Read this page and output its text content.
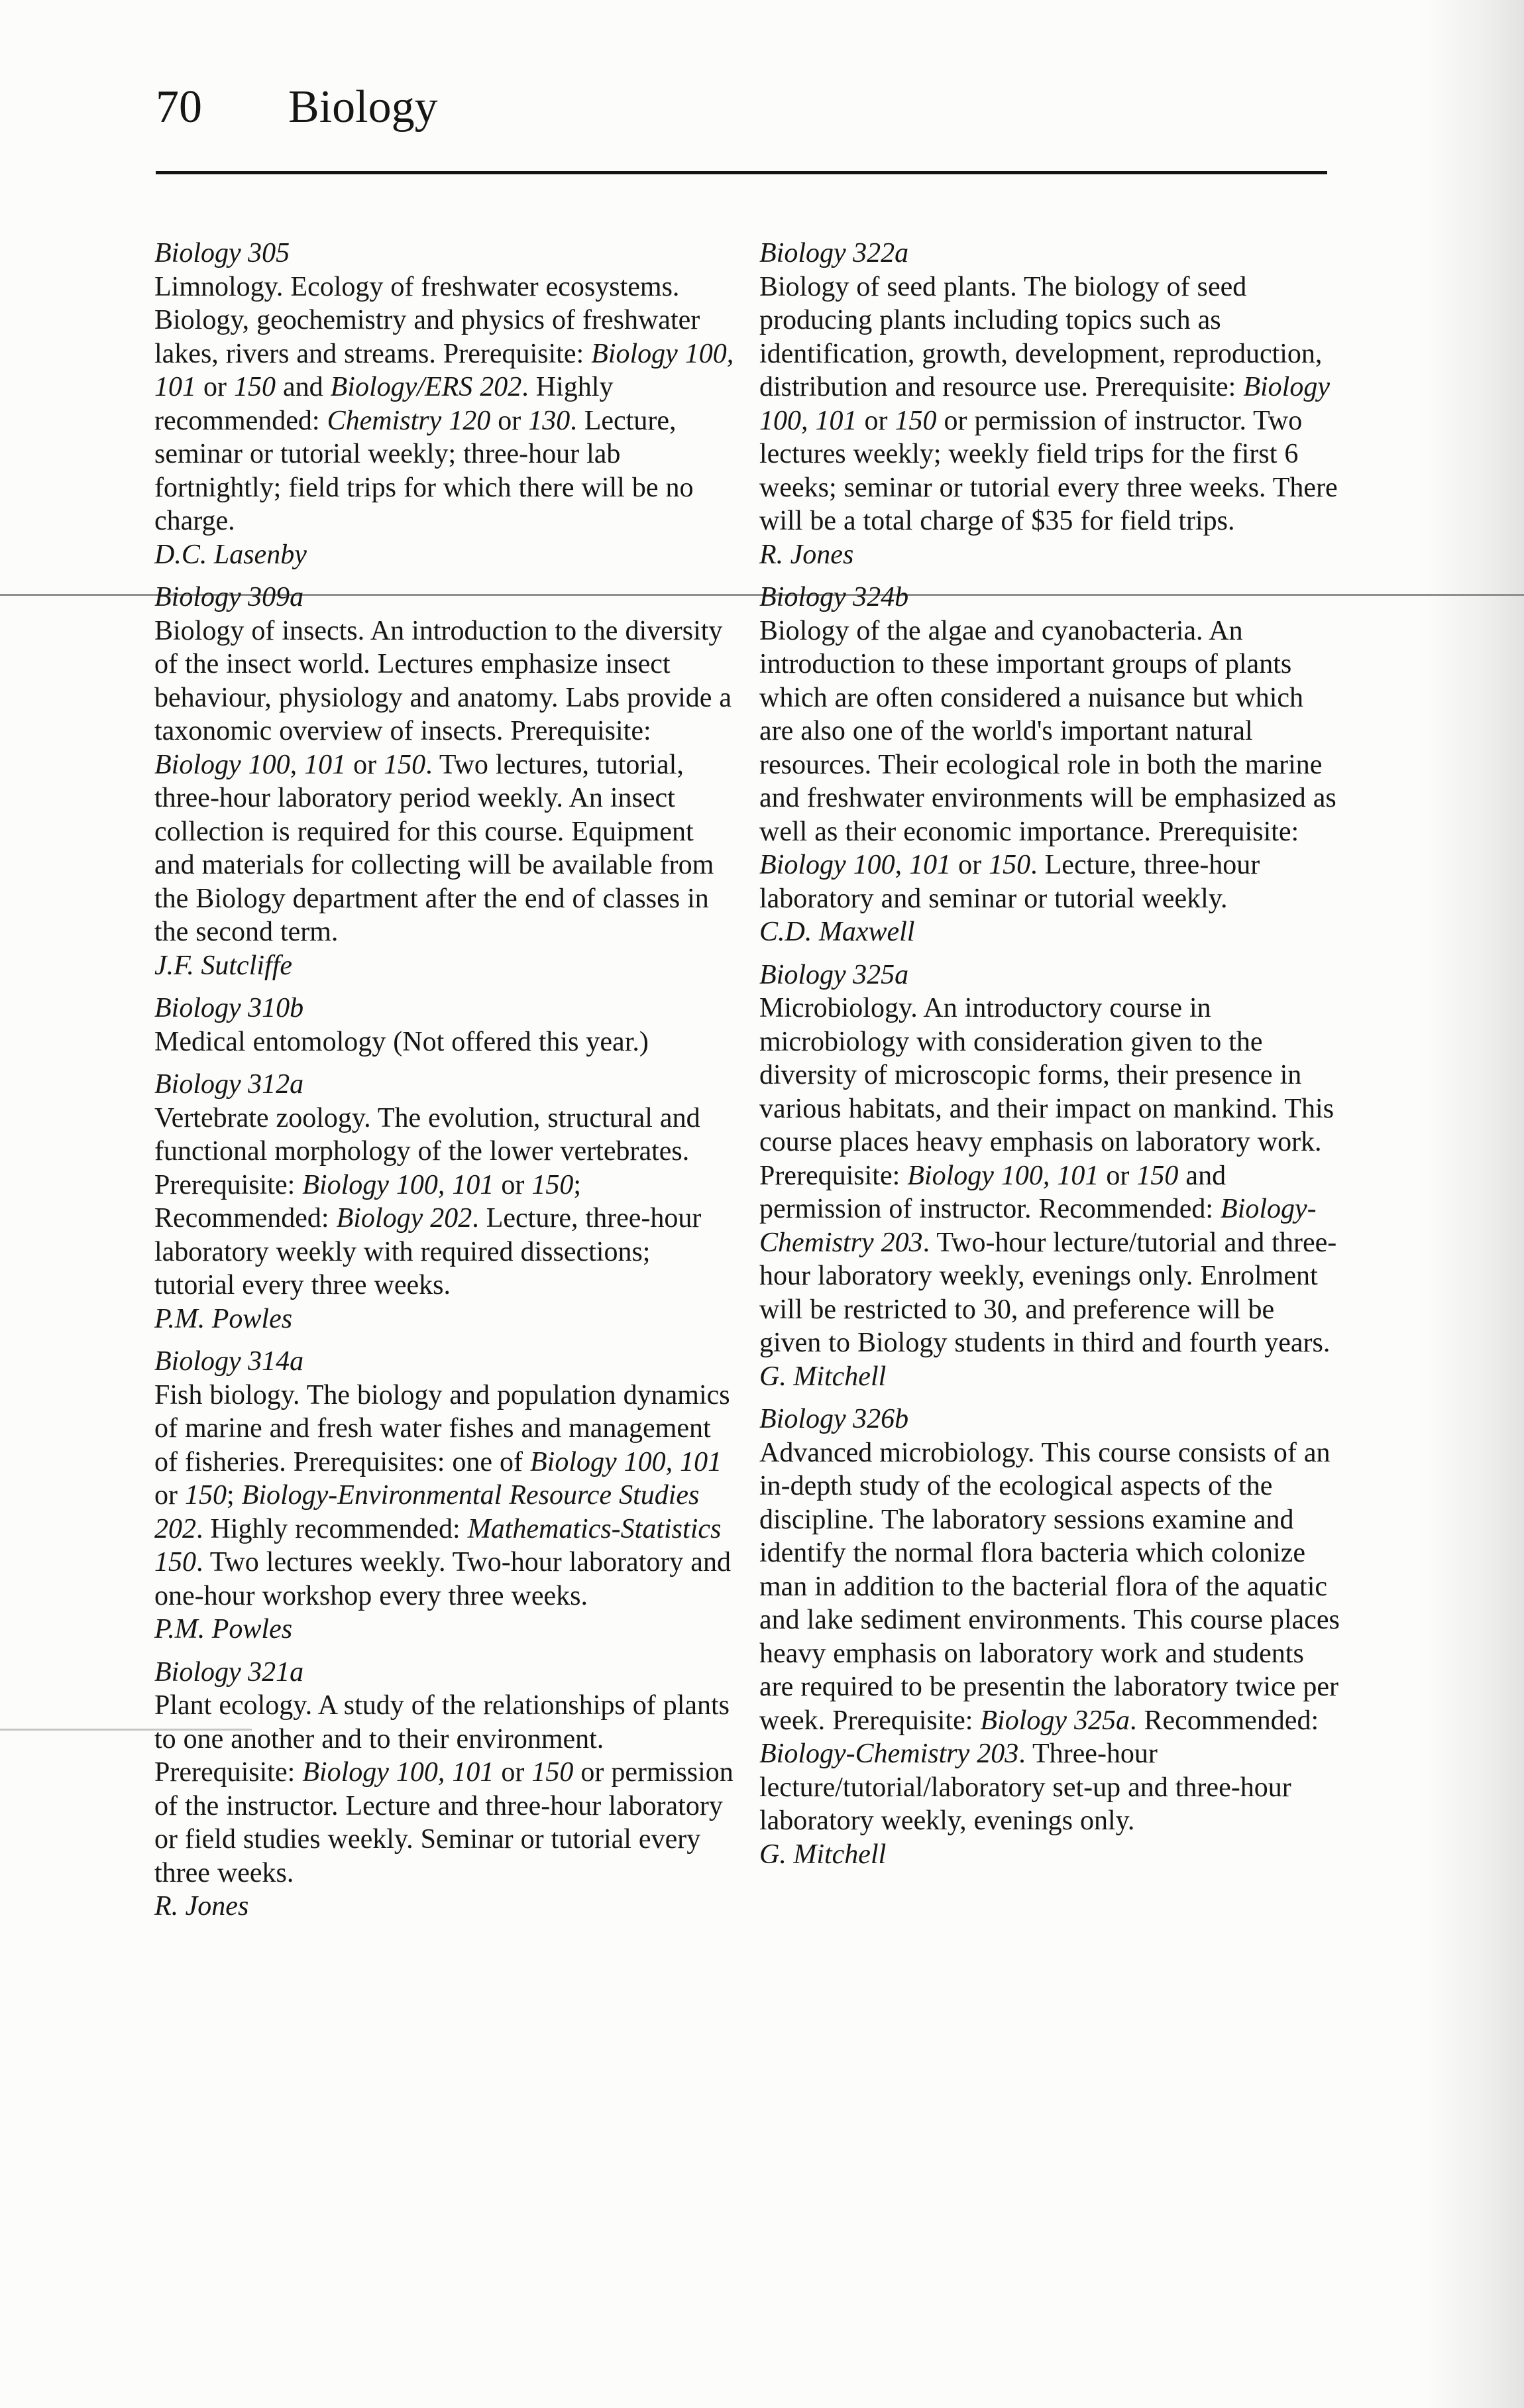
70 Biology
Biology 305
Limnology. Ecology of freshwater ecosystems. Biology, geochemistry and physics of freshwater lakes, rivers and streams. Prerequisite: Biology 100, 101 or 150 and Biology/ERS 202. Highly recommended: Chemistry 120 or 130. Lecture, seminar or tutorial weekly; three-hour lab fortnightly; field trips for which there will be no charge.
D.C. Lasenby
Biology 309a
Biology of insects. An introduction to the diversity of the insect world. Lectures emphasize insect behaviour, physiology and anatomy. Labs provide a taxonomic overview of insects. Prerequisite: Biology 100, 101 or 150. Two lectures, tutorial, three-hour laboratory period weekly. An insect collection is required for this course. Equipment and materials for collecting will be available from the Biology department after the end of classes in the second term.
J.F. Sutcliffe
Biology 310b
Medical entomology (Not offered this year.)
Biology 312a
Vertebrate zoology. The evolution, structural and functional morphology of the lower vertebrates. Prerequisite: Biology 100, 101 or 150; Recommended: Biology 202. Lecture, three-hour laboratory weekly with required dissections; tutorial every three weeks.
P.M. Powles
Biology 314a
Fish biology. The biology and population dynamics of marine and fresh water fishes and management of fisheries. Prerequisites: one of Biology 100, 101 or 150; Biology-Environmental Resource Studies 202. Highly recommended: Mathematics-Statistics 150. Two lectures weekly. Two-hour laboratory and one-hour workshop every three weeks.
P.M. Powles
Biology 321a
Plant ecology. A study of the relationships of plants to one another and to their environment. Prerequisite: Biology 100, 101 or 150 or permission of the instructor. Lecture and three-hour laboratory or field studies weekly. Seminar or tutorial every three weeks.
R. Jones
Biology 322a
Biology of seed plants. The biology of seed producing plants including topics such as identification, growth, development, reproduction, distribution and resource use. Prerequisite: Biology 100, 101 or 150 or permission of instructor. Two lectures weekly; weekly field trips for the first 6 weeks; seminar or tutorial every three weeks. There will be a total charge of $35 for field trips.
R. Jones
Biology 324b
Biology of the algae and cyanobacteria. An introduction to these important groups of plants which are often considered a nuisance but which are also one of the world's important natural resources. Their ecological role in both the marine and freshwater environments will be emphasized as well as their economic importance. Prerequisite: Biology 100, 101 or 150. Lecture, three-hour laboratory and seminar or tutorial weekly.
C.D. Maxwell
Biology 325a
Microbiology. An introductory course in microbiology with consideration given to the diversity of microscopic forms, their presence in various habitats, and their impact on mankind. This course places heavy emphasis on laboratory work. Prerequisite: Biology 100, 101 or 150 and permission of instructor. Recommended: Biology-Chemistry 203. Two-hour lecture/tutorial and three-hour laboratory weekly, evenings only. Enrolment will be restricted to 30, and preference will be given to Biology students in third and fourth years.
G. Mitchell
Biology 326b
Advanced microbiology. This course consists of an in-depth study of the ecological aspects of the discipline. The laboratory sessions examine and identify the normal flora bacteria which colonize man in addition to the bacterial flora of the aquatic and lake sediment environments. This course places heavy emphasis on laboratory work and students are required to be presentin the laboratory twice per week. Prerequisite: Biology 325a. Recommended: Biology-Chemistry 203. Three-hour lecture/tutorial/laboratory set-up and three-hour laboratory weekly, evenings only.
G. Mitchell
